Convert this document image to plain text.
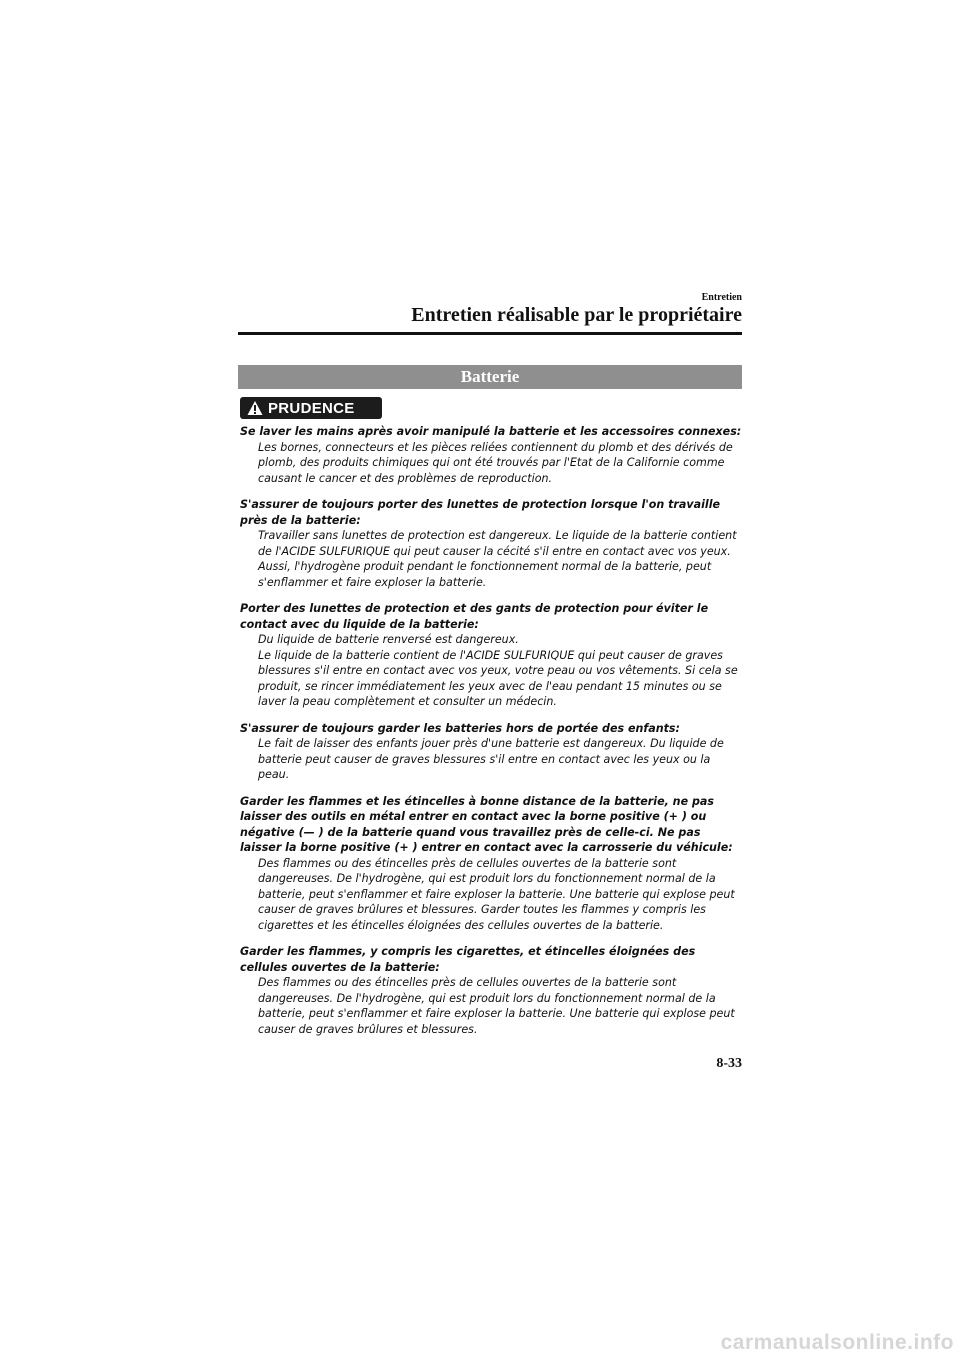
Entretien
Entretien réalisable par le propriétaire
Batterie
PRUDENCE
Se laver les mains après avoir manipulé la batterie et les accessoires connexes:
Les bornes, connecteurs et les pièces reliées contiennent du plomb et des dérivés de plomb, des produits chimiques qui ont été trouvés par l'Etat de la Californie comme causant le cancer et des problèmes de reproduction.
S'assurer de toujours porter des lunettes de protection lorsque l'on travaille près de la batterie:
Travailler sans lunettes de protection est dangereux. Le liquide de la batterie contient de l'ACIDE SULFURIQUE qui peut causer la cécité s'il entre en contact avec vos yeux. Aussi, l'hydrogène produit pendant le fonctionnement normal de la batterie, peut s'enflammer et faire exploser la batterie.
Porter des lunettes de protection et des gants de protection pour éviter le contact avec du liquide de la batterie:
Du liquide de batterie renversé est dangereux.
Le liquide de la batterie contient de l'ACIDE SULFURIQUE qui peut causer de graves blessures s'il entre en contact avec vos yeux, votre peau ou vos vêtements. Si cela se produit, se rincer immédiatement les yeux avec de l'eau pendant 15 minutes ou se laver la peau complètement et consulter un médecin.
S'assurer de toujours garder les batteries hors de portée des enfants:
Le fait de laisser des enfants jouer près d'une batterie est dangereux. Du liquide de batterie peut causer de graves blessures s'il entre en contact avec les yeux ou la peau.
Garder les flammes et les étincelles à bonne distance de la batterie, ne pas laisser des outils en métal entrer en contact avec la borne positive (+ ) ou négative (— ) de la batterie quand vous travaillez près de celle-ci. Ne pas laisser la borne positive (+ ) entrer en contact avec la carrosserie du véhicule:
Des flammes ou des étincelles près de cellules ouvertes de la batterie sont dangereuses. De l'hydrogène, qui est produit lors du fonctionnement normal de la batterie, peut s'enflammer et faire exploser la batterie. Une batterie qui explose peut causer de graves brûlures et blessures. Garder toutes les flammes y compris les cigarettes et les étincelles éloignées des cellules ouvertes de la batterie.
Garder les flammes, y compris les cigarettes, et étincelles éloignées des cellules ouvertes de la batterie:
Des flammes ou des étincelles près de cellules ouvertes de la batterie sont dangereuses. De l'hydrogène, qui est produit lors du fonctionnement normal de la batterie, peut s'enflammer et faire exploser la batterie. Une batterie qui explose peut causer de graves brûlures et blessures.
8-33
carmanualsonline.info
